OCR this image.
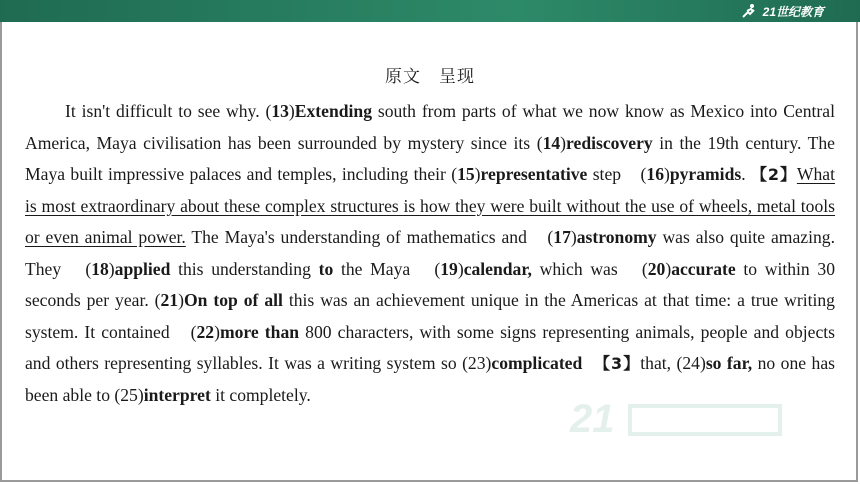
21世纪教育
原文　呈现
It isn't difficult to see why. (13)Extending south from parts of what we now know as Mexico into Central America, Maya civilisation has been surrounded by mystery since its (14)rediscovery in the 19th century. The Maya built impressive palaces and temples, including their (15)representative step　(16)pyramids. 【2】What is most extraordinary about these complex structures is how they were built without the use of wheels, metal tools or even animal power. The Maya's understanding of mathematics and　(17)astronomy was also quite amazing. They　(18)applied this understanding to the Maya　(19)calendar, which was　(20)accurate to within 30 seconds per year. (21)On top of all this was an achievement unique in the Americas at that time: a true writing system. It contained　(22)more than 800 characters, with some signs representing animals, people and objects and others representing syllables. It was a writing system so (23)complicated　 【3】that, (24)so far, no one has been able to (25)interpret it completely.
21
